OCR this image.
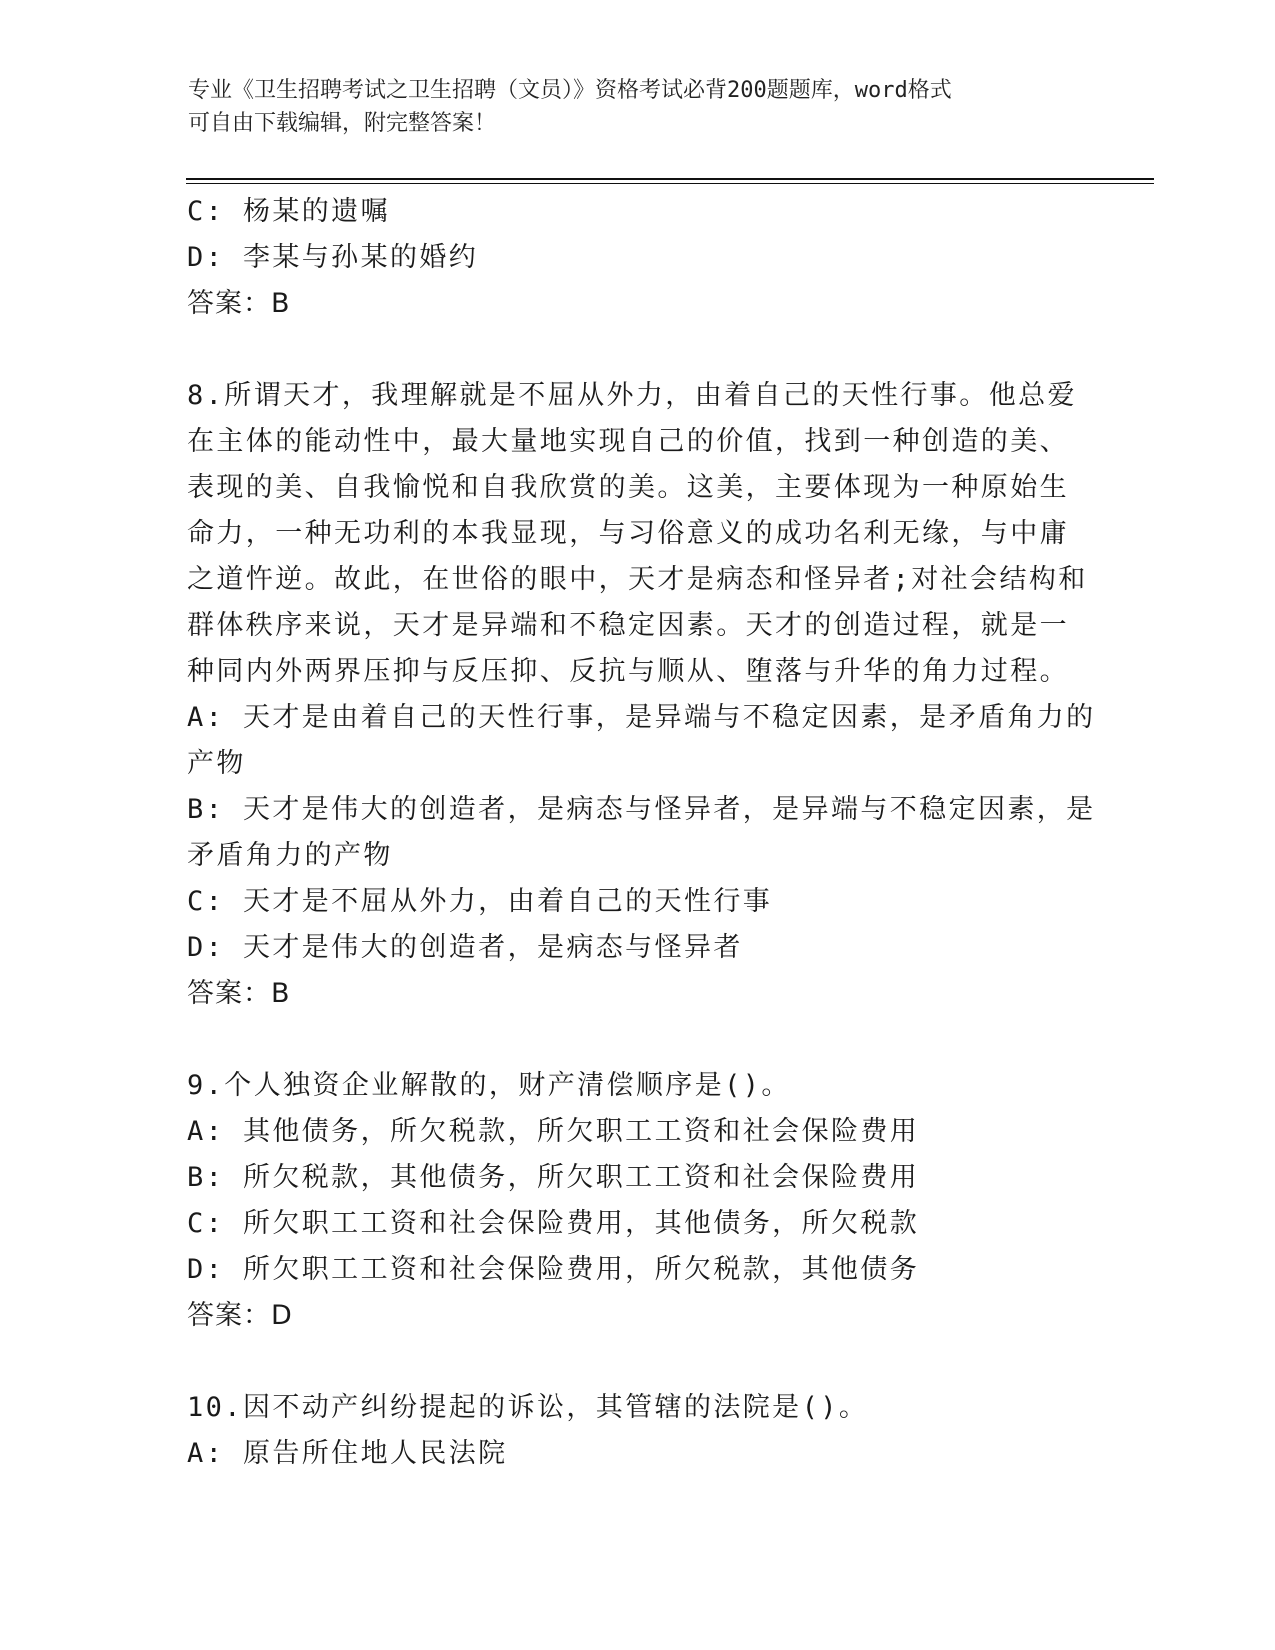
专业《卫生招聘考试之卫生招聘（文员）》资格考试必背200题题库，word格式
可自由下载编辑，附完整答案！
C: 杨某的遗嘱
D: 李某与孙某的婚约
答案：B
8.所谓天才，我理解就是不屈从外力，由着自己的天性行事。他总爱
在主体的能动性中，最大量地实现自己的价值，找到一种创造的美、
表现的美、自我愉悦和自我欣赏的美。这美，主要体现为一种原始生
命力，一种无功利的本我显现，与习俗意义的成功名利无缘，与中庸
之道忤逆。故此，在世俗的眼中，天才是病态和怪异者;对社会结构和
群体秩序来说，天才是异端和不稳定因素。天才的创造过程，就是一
种同内外两界压抑与反压抑、反抗与顺从、堕落与升华的角力过程。
A: 天才是由着自己的天性行事，是异端与不稳定因素，是矛盾角力的
产物
B: 天才是伟大的创造者，是病态与怪异者，是异端与不稳定因素，是
矛盾角力的产物
C: 天才是不屈从外力，由着自己的天性行事
D: 天才是伟大的创造者，是病态与怪异者
答案：B
9.个人独资企业解散的，财产清偿顺序是()。
A: 其他债务，所欠税款，所欠职工工资和社会保险费用
B: 所欠税款，其他债务，所欠职工工资和社会保险费用
C: 所欠职工工资和社会保险费用，其他债务，所欠税款
D: 所欠职工工资和社会保险费用，所欠税款，其他债务
答案：D
10.因不动产纠纷提起的诉讼，其管辖的法院是()。
A: 原告所住地人民法院
